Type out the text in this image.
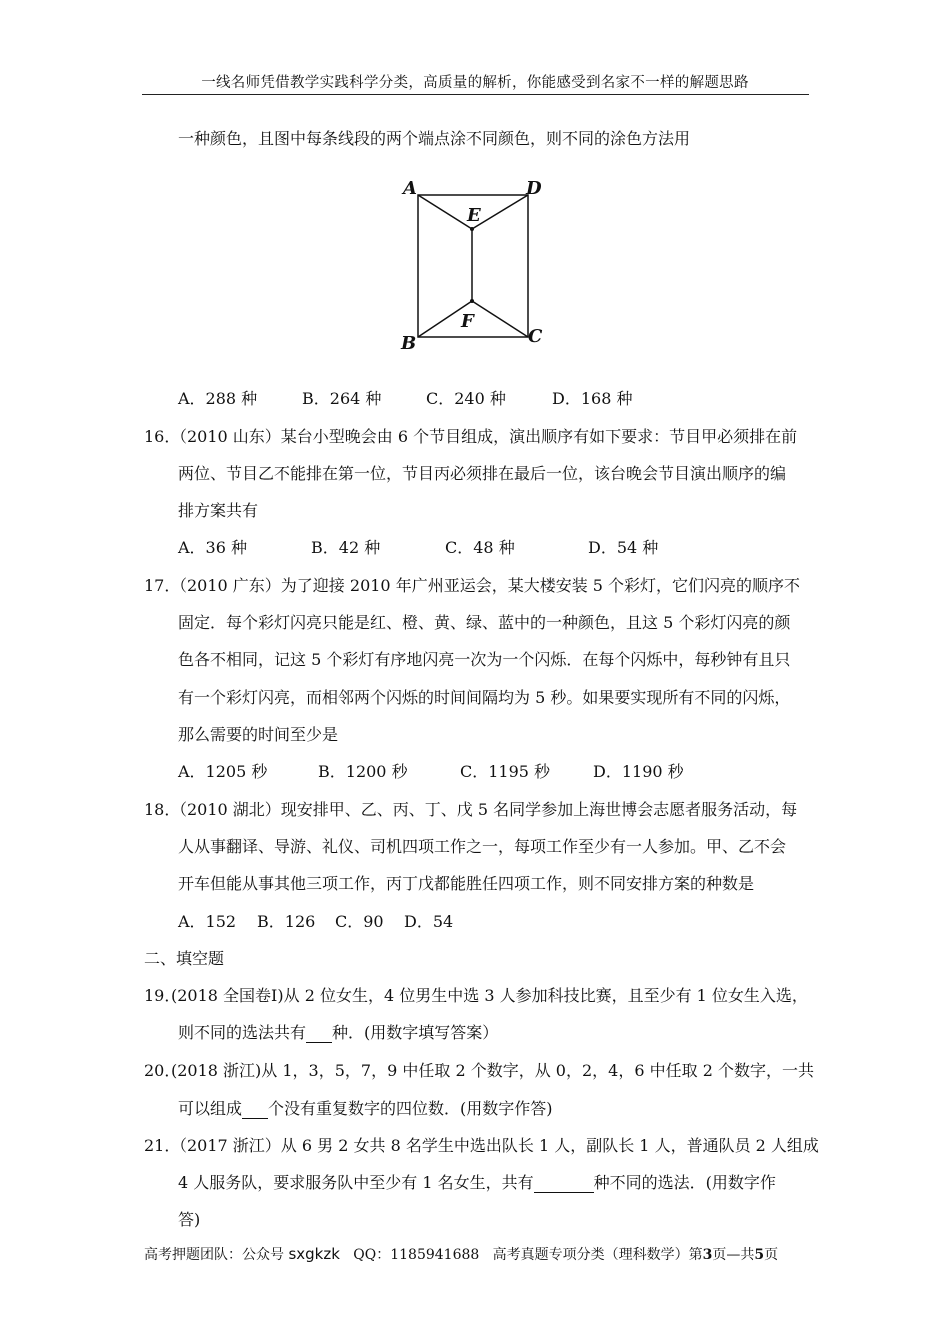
一线名师凭借教学实践科学分类，高质量的解析，你能感受到名家不一样的解题思路
一种颜色，且图中每条线段的两个端点涂不同颜色，则不同的涂色方法用
A	D
E
F
B	C
A．288 种	B．264 种	C．240 种	D．168 种
16．
（2010 山东）某台小型晚会由 6 个节目组成，演出顺序有如下要求：节目甲必须排在前
两位、节目乙不能排在第一位，节目丙必须排在最后一位，该台晚会节目演出顺序的编
排方案共有
A．36 种	B．42 种	C．48 种	D．54 种
17．
（2010 广东）为了迎接 2010 年广州亚运会，某大楼安装 5 个彩灯，它们闪亮的顺序不
固定．每个彩灯闪亮只能是红、橙、黄、绿、蓝中的一种颜色，且这 5 个彩灯闪亮的颜
色各不相同，记这 5 个彩灯有序地闪亮一次为一个闪烁．在每个闪烁中，每秒钟有且只
有一个彩灯闪亮，而相邻两个闪烁的时间间隔均为 5 秒。如果要实现所有不同的闪烁，
那么需要的时间至少是
A．1205 秒	B．1200 秒	C．1195 秒	D．1190 秒
18．
（2010 湖北）现安排甲、乙、丙、丁、戊 5 名同学参加上海世博会志愿者服务活动，每
人从事翻译、导游、礼仪、司机四项工作之一，每项工作至少有一人参加。甲、乙不会
开车但能从事其他三项工作，丙丁戊都能胜任四项工作，则不同安排方案的种数是
A．152 B．126 C．90 D．54
二、填空题
19．
(2018 全国卷Ⅰ)从 2 位女生，4 位男生中选 3 人参加科技比赛，且至少有 1 位女生入选，
则不同的选法共有 种．(用数字填写答案）
20．
(2018 浙江)从 1，3，5，7，9 中任取 2 个数字，从 0，2，4，6 中任取 2 个数字，一共
可以组成 个没有重复数字的四位数．(用数字作答)
21．
（2017 浙江）从 6 男 2 女共 8 名学生中选出队长 1 人，副队长 1 人，普通队员 2 人组成
4 人服务队，要求服务队中至少有 1 名女生，共有	种不同的选法．(用数字作
答)
高考押题团队：公众号 sxgkzk QQ：1185941688 高考真题专项分类（理科数学）第3页—共5页
